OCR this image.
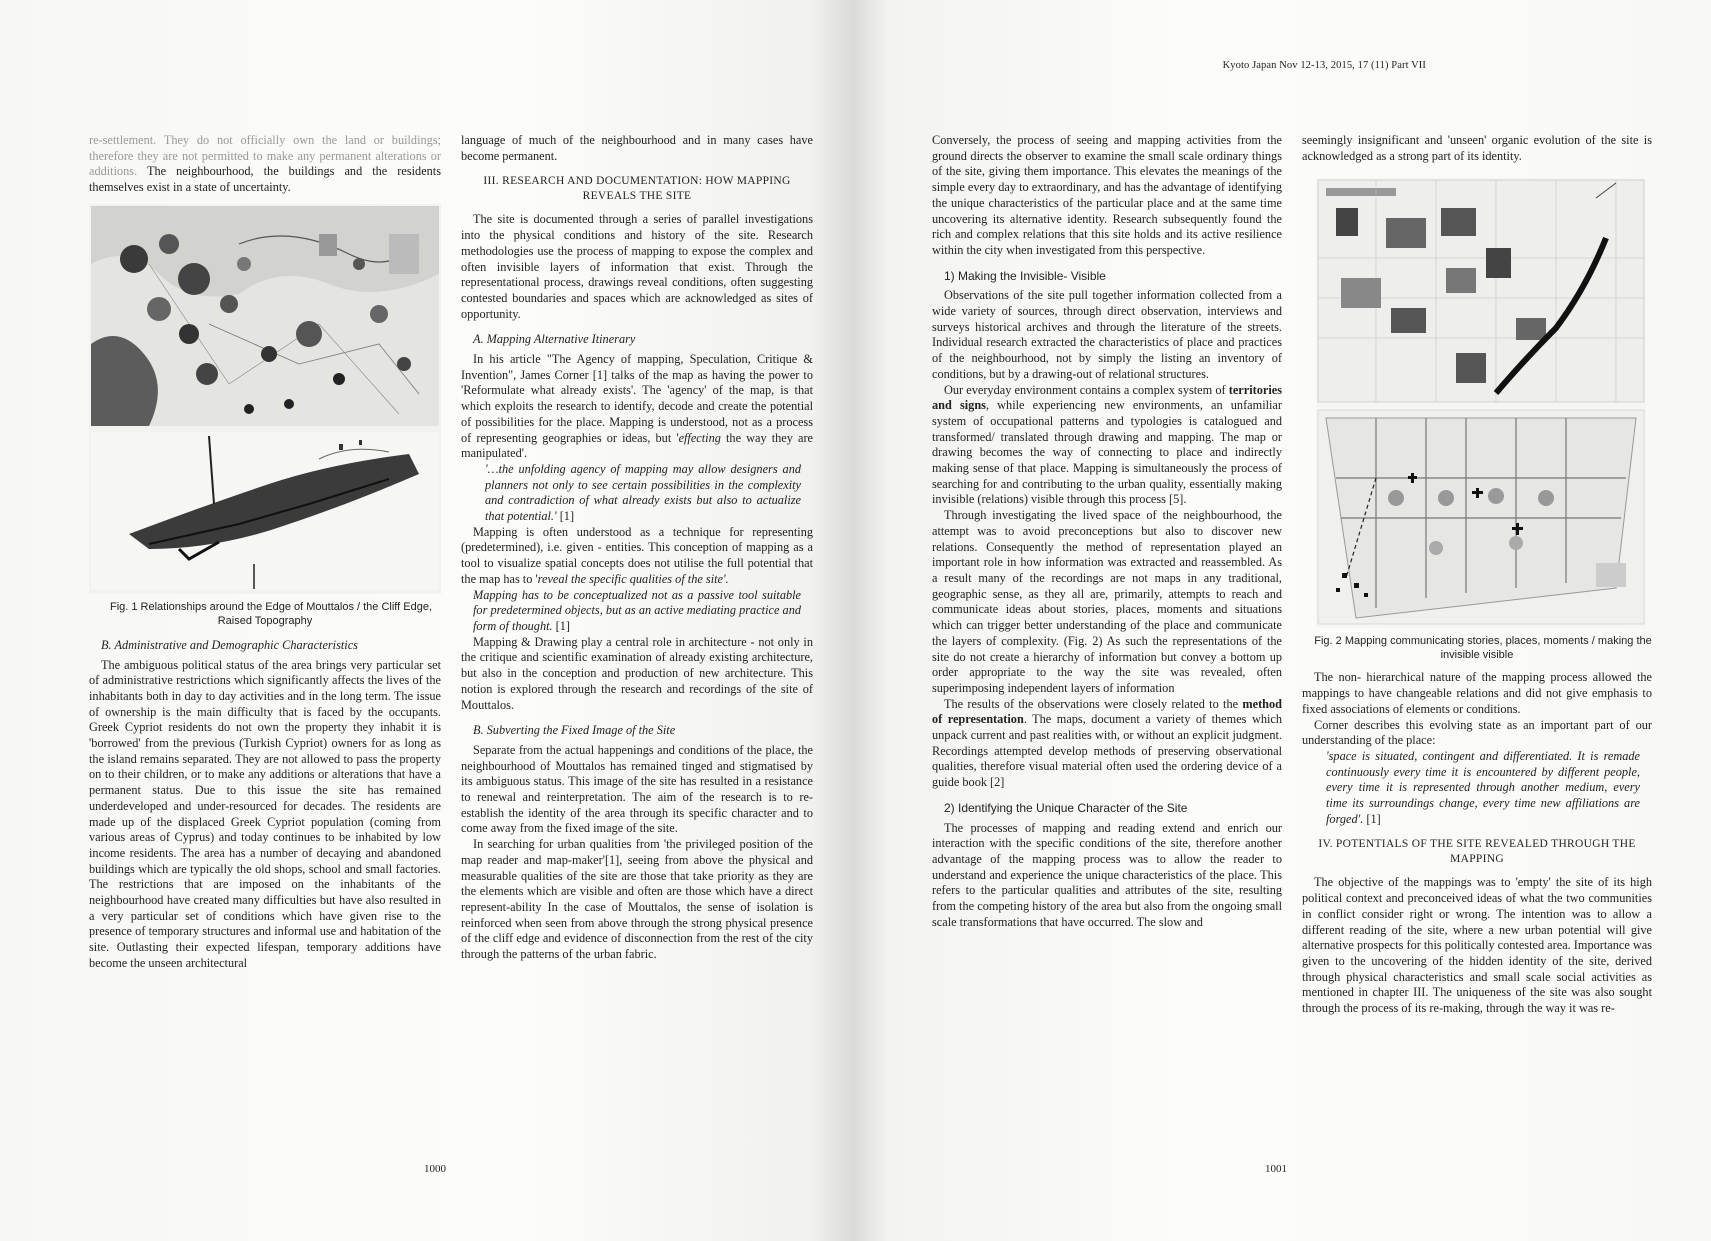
re-settlement. They do not officially own the land or buildings; therefore they are not permitted to make any permanent alterations or additions. The neighbourhood, the buildings and the residents themselves exist in a state of uncertainty.

Fig. 1 Relationships around the Edge of Mouttalos / the Cliff Edge, Raised Topography

B. Administrative and Demographic Characteristics

The ambiguous political status of the area brings very particular set of administrative restrictions which significantly affects the lives of the inhabitants both in day to day activities and in the long term. The issue of ownership is the main difficulty that is faced by the occupants. Greek Cypriot residents do not own the property they inhabit it is 'borrowed' from the previous (Turkish Cypriot) owners for as long as the island remains separated. They are not allowed to pass the property on to their children, or to make any additions or alterations that have a permanent status. Due to this issue the site has remained underdeveloped and under-resourced for decades. The residents are made up of the displaced Greek Cypriot population (coming from various areas of Cyprus) and today continues to be inhabited by low income residents. The area has a number of decaying and abandoned buildings which are typically the old shops, school and small factories. The restrictions that are imposed on the inhabitants of the neighbourhood have created many difficulties but have also resulted in a very particular set of conditions which have given rise to the presence of temporary structures and informal use and habitation of the site. Outlasting their expected lifespan, temporary additions have become the unseen architectural

language of much of the neighbourhood and in many cases have become permanent.

III. RESEARCH AND DOCUMENTATION: HOW MAPPING REVEALS THE SITE

The site is documented through a series of parallel investigations into the physical conditions and history of the site. Research methodologies use the process of mapping to expose the complex and often invisible layers of information that exist. Through the representational process, drawings reveal conditions, often suggesting contested boundaries and spaces which are acknowledged as sites of opportunity.

A. Mapping Alternative Itinerary

In his article "The Agency of mapping, Speculation, Critique & Invention", James Corner [1] talks of the map as having the power to 'Reformulate what already exists'. The 'agency' of the map, is that which exploits the research to identify, decode and create the potential of possibilities for the place. Mapping is understood, not as a process of representing geographies or ideas, but 'effecting the way they are manipulated'.

'…the unfolding agency of mapping may allow designers and planners not only to see certain possibilities in the complexity and contradiction of what already exists but also to actualize that potential.' [1]

Mapping is often understood as a technique for representing (predetermined), i.e. given - entities. This conception of mapping as a tool to visualize spatial concepts does not utilise the full potential that the map has to 'reveal the specific qualities of the site'.

Mapping has to be conceptualized not as a passive tool suitable for predetermined objects, but as an active mediating practice and form of thought. [1]

Mapping & Drawing play a central role in architecture - not only in the critique and scientific examination of already existing architecture, but also in the conception and production of new architecture. This notion is explored through the research and recordings of the site of Mouttalos.

B. Subverting the Fixed Image of the Site

Separate from the actual happenings and conditions of the place, the neighbourhood of Mouttalos has remained tinged and stigmatised by its ambiguous status. This image of the site has resulted in a resistance to renewal and reinterpretation. The aim of the research is to re-establish the identity of the area through its specific character and to come away from the fixed image of the site.

In searching for urban qualities from 'the privileged position of the map reader and map-maker'[1], seeing from above the physical and measurable qualities of the site are those that take priority as they are the elements which are visible and often are those which have a direct represent-ability In the case of Mouttalos, the sense of isolation is reinforced when seen from above through the strong physical presence of the cliff edge and evidence of disconnection from the rest of the city through the patterns of the urban fabric.

1000
Kyoto Japan Nov 12-13, 2015, 17 (11) Part VII

Conversely, the process of seeing and mapping activities from the ground directs the observer to examine the small scale ordinary things of the site, giving them importance. This elevates the meanings of the simple every day to extraordinary, and has the advantage of identifying the unique characteristics of the particular place and at the same time uncovering its alternative identity. Research subsequently found the rich and complex relations that this site holds and its active resilience within the city when investigated from this perspective.

1) Making the Invisible- Visible

Observations of the site pull together information collected from a wide variety of sources, through direct observation, interviews and surveys historical archives and through the literature of the streets. Individual research extracted the characteristics of place and practices of the neighbourhood, not by simply the listing an inventory of conditions, but by a drawing-out of relational structures.

Our everyday environment contains a complex system of territories and signs, while experiencing new environments, an unfamiliar system of occupational patterns and typologies is catalogued and transformed/ translated through drawing and mapping. The map or drawing becomes the way of connecting to place and indirectly making sense of that place. Mapping is simultaneously the process of searching for and contributing to the urban quality, essentially making invisible (relations) visible through this process [5].

Through investigating the lived space of the neighbourhood, the attempt was to avoid preconceptions but also to discover new relations. Consequently the method of representation played an important role in how information was extracted and reassembled. As a result many of the recordings are not maps in any traditional, geographic sense, as they all are, primarily, attempts to reach and communicate ideas about stories, places, moments and situations which can trigger better understanding of the place and communicate the layers of complexity. (Fig. 2) As such the representations of the site do not create a hierarchy of information but convey a bottom up order appropriate to the way the site was revealed, often superimposing independent layers of information

The results of the observations were closely related to the method of representation. The maps, document a variety of themes which unpack current and past realities with, or without an explicit judgment. Recordings attempted develop methods of preserving observational qualities, therefore visual material often used the ordering device of a guide book [2]

2) Identifying the Unique Character of the Site

The processes of mapping and reading extend and enrich our interaction with the specific conditions of the site, therefore another advantage of the mapping process was to allow the reader to understand and experience the unique characteristics of the place. This refers to the particular qualities and attributes of the site, resulting from the competing history of the area but also from the ongoing small scale transformations that have occurred. The slow and

seemingly insignificant and 'unseen' organic evolution of the site is acknowledged as a strong part of its identity.

Fig. 2 Mapping communicating stories, places, moments / making the invisible visible

The non- hierarchical nature of the mapping process allowed the mappings to have changeable relations and did not give emphasis to fixed associations of elements or conditions.

Corner describes this evolving state as an important part of our understanding of the place:

'space is situated, contingent and differentiated. It is remade continuously every time it is encountered by different people, every time it is represented through another medium, every time its surroundings change, every time new affiliations are forged'. [1]

IV. POTENTIALS OF THE SITE REVEALED THROUGH THE MAPPING

The objective of the mappings was to 'empty' the site of its high political context and preconceived ideas of what the two communities in conflict consider right or wrong. The intention was to allow a different reading of the site, where a new urban potential will give alternative prospects for this politically contested area. Importance was given to the uncovering of the hidden identity of the site, derived through physical characteristics and small scale social activities as mentioned in chapter III. The uniqueness of the site was also sought through the process of its re-making, through the way it was re-

1001
